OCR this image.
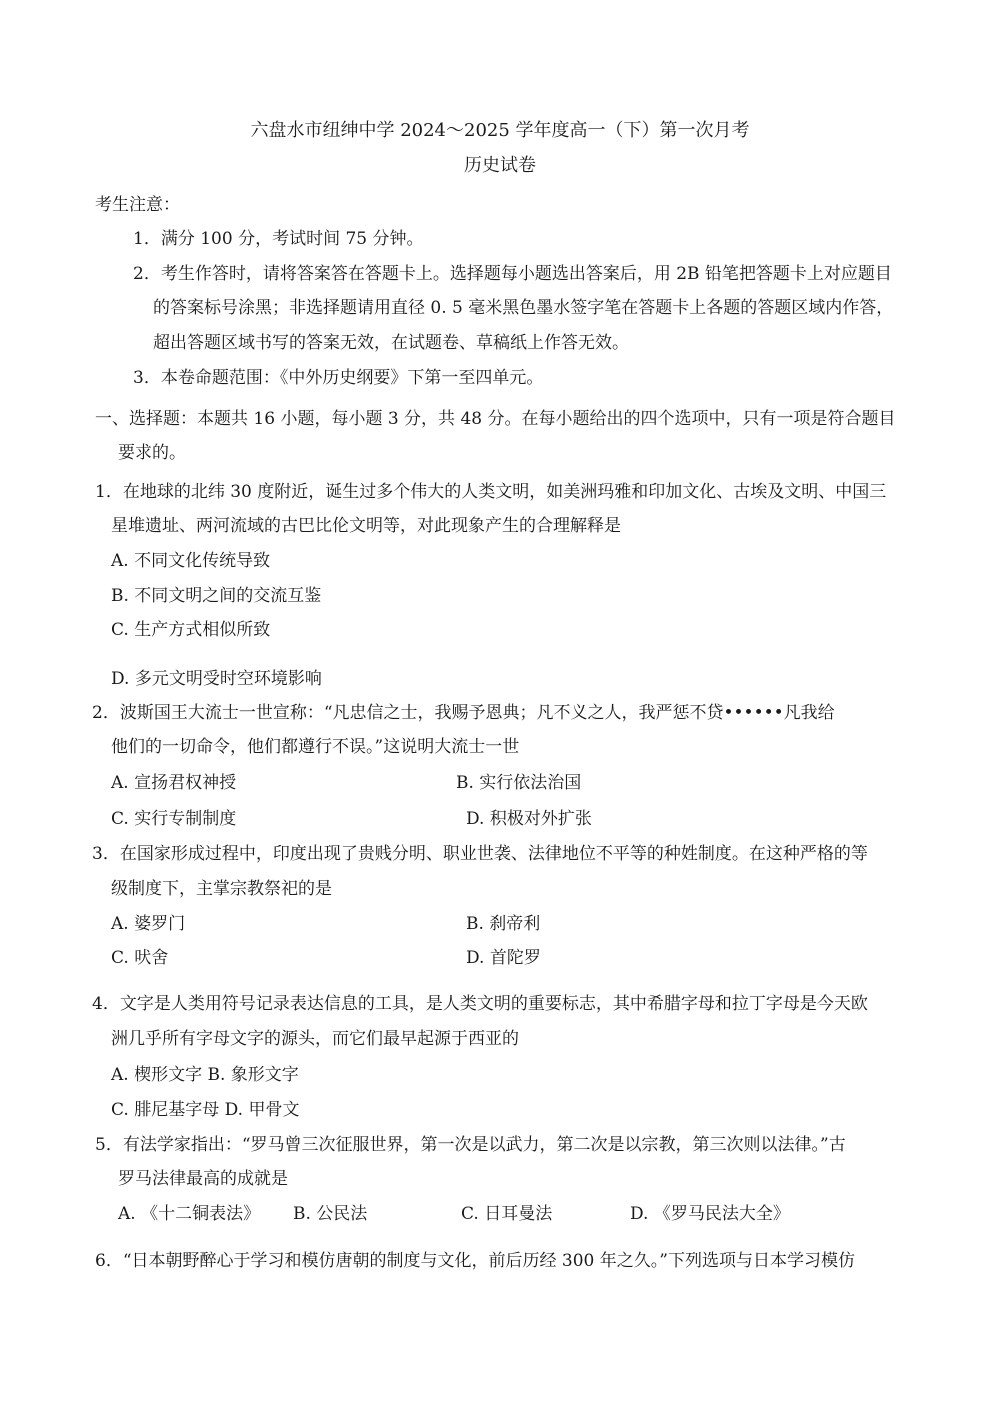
六盘水市纽绅中学 2024～2025 学年度高一（下）第一次月考
历史试卷
考生注意：
1．满分 100 分，考试时间 75 分钟。
2．考生作答时，请将答案答在答题卡上。选择题每小题选出答案后，用 2B 铅笔把答题卡上对应题目
的答案标号涂黑；非选择题请用直径 0. 5 毫米黑色墨水签字笔在答题卡上各题的答题区域内作答，
超出答题区域书写的答案无效，在试题卷、草稿纸上作答无效。
3．本卷命题范围：《中外历史纲要》下第一至四单元。
一、选择题：本题共 16 小题，每小题 3 分，共 48 分。在每小题给出的四个选项中，只有一项是符合题目
要求的。
1．在地球的北纬 30 度附近，诞生过多个伟大的人类文明，如美洲玛雅和印加文化、古埃及文明、中国三
星堆遗址、两河流域的古巴比伦文明等，对此现象产生的合理解释是
A. 不同文化传统导致
B. 不同文明之间的交流互鉴
C. 生产方式相似所致
D. 多元文明受时空环境影响
2．波斯国王大流士一世宣称：“凡忠信之士，我赐予恩典；凡不义之人，我严惩不贷••••••凡我给
他们的一切命令，他们都遵行不误。”这说明大流士一世
A. 宣扬君权神授	B. 实行依法治国
C. 实行专制制度	D. 积极对外扩张
3．在国家形成过程中，印度出现了贵贱分明、职业世袭、法律地位不平等的种姓制度。在这种严格的等
级制度下，主掌宗教祭祀的是
A. 婆罗门	B. 刹帝利
C. 吠舍	D. 首陀罗
4．文字是人类用符号记录表达信息的工具，是人类文明的重要标志，其中希腊字母和拉丁字母是今天欧
洲几乎所有字母文字的源头，而它们最早起源于西亚的
A. 楔形文字 B. 象形文字
C. 腓尼基字母 D. 甲骨文
5．有法学家指出：“罗马曾三次征服世界，第一次是以武力，第二次是以宗教，第三次则以法律。”古
罗马法律最高的成就是
A. 《十二铜表法》 B. 公民法	C. 日耳曼法	D. 《罗马民法大全》
6．“日本朝野醉心于学习和模仿唐朝的制度与文化，前后历经 300 年之久。”下列选项与日本学习模仿
